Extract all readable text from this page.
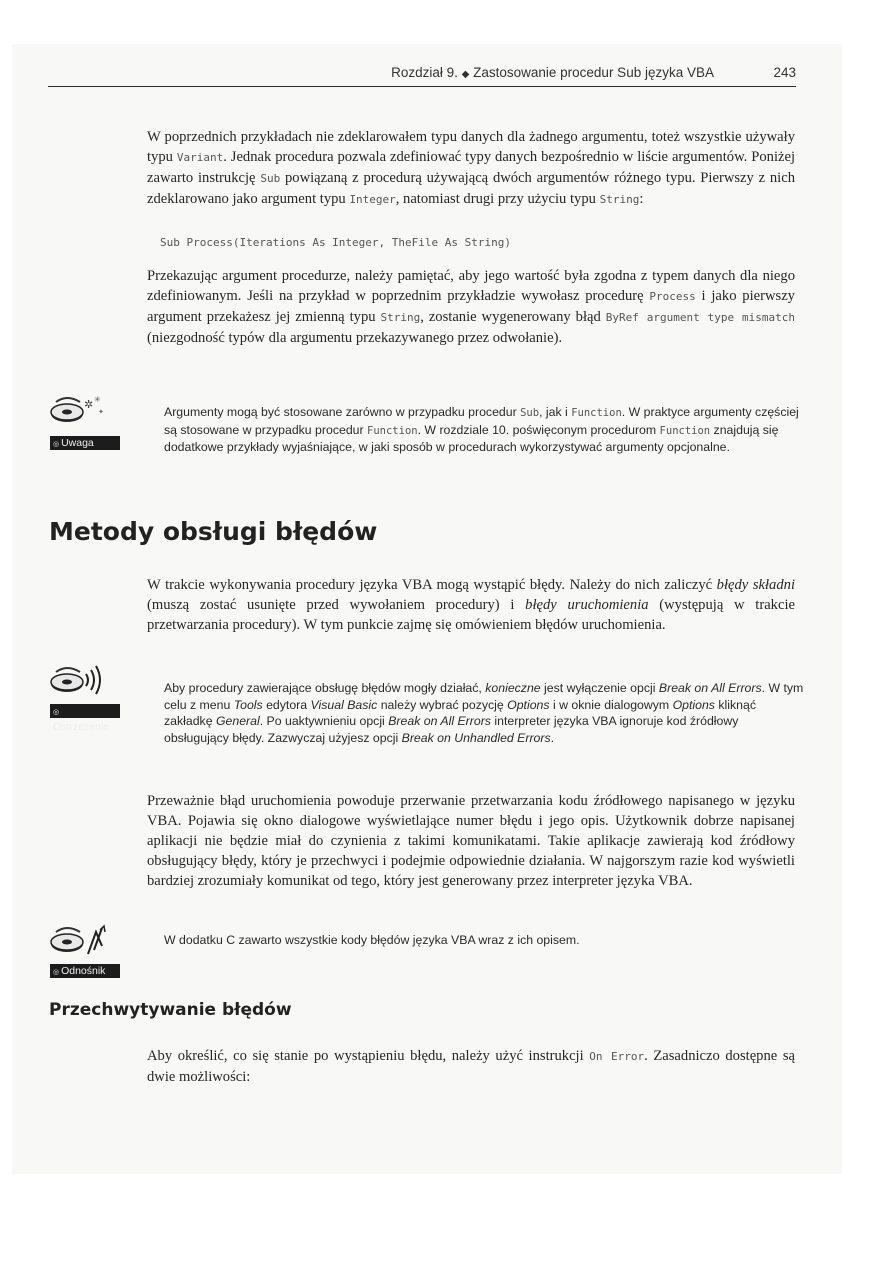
Rozdział 9. ◆ Zastosowanie procedur Sub języka VBA	243

W poprzednich przykładach nie zdeklarowałem typu danych dla żadnego argumentu, toteż wszystkie używały typu Variant. Jednak procedura pozwala zdefiniować typy danych bezpośrednio w liście argumentów. Poniżej zawarto instrukcję Sub powiązaną z procedurą używającą dwóch argumentów różnego typu. Pierwszy z nich zdeklarowano jako argument typu Integer, natomiast drugi przy użyciu typu String:

Sub Process(Iterations As Integer, TheFile As String)

Przekazując argument procedurze, należy pamiętać, aby jego wartość była zgodna z typem danych dla niego zdefiniowanym. Jeśli na przykład w poprzednim przykładzie wywołasz procedurę Process i jako pierwszy argument przekażesz jej zmienną typu String, zostanie wygenerowany błąd ByRef argument type mismatch (niezgodność typów dla argumentu przekazywanego przez odwołanie).

✲ ✳
✦
◎ Uwaga

Argumenty mogą być stosowane zarówno w przypadku procedur Sub, jak i Function. W praktyce argumenty częściej są stosowane w przypadku procedur Function. W rozdziale 10. poświęconym procedurom Function znajdują się dodatkowe przykłady wyjaśniające, w jaki sposób w procedurach wykorzystywać argumenty opcjonalne.

Metody obsługi błędów

W trakcie wykonywania procedury języka VBA mogą wystąpić błędy. Należy do nich zaliczyć błędy składni (muszą zostać usunięte przed wywołaniem procedury) i błędy uruchomienia (występują w trakcie przetwarzania procedury). W tym punkcie zajmę się omówieniem błędów uruchomienia.

◎ Ostrzeżenie

Aby procedury zawierające obsługę błędów mogły działać, konieczne jest wyłączenie opcji Break on All Errors. W tym celu z menu Tools edytora Visual Basic należy wybrać pozycję Options i w oknie dialogowym Options kliknąć zakładkę General. Po uaktywnieniu opcji Break on All Errors interpreter języka VBA ignoruje kod źródłowy obsługujący błędy. Zazwyczaj użyjesz opcji Break on Unhandled Errors.

Przeważnie błąd uruchomienia powoduje przerwanie przetwarzania kodu źródłowego napisanego w języku VBA. Pojawia się okno dialogowe wyświetlające numer błędu i jego opis. Użytkownik dobrze napisanej aplikacji nie będzie miał do czynienia z takimi komunikatami. Takie aplikacje zawierają kod źródłowy obsługujący błędy, który je przechwyci i podejmie odpowiednie działania. W najgorszym razie kod wyświetli bardziej zrozumiały komunikat od tego, który jest generowany przez interpreter języka VBA.

◎ Odnośnik

W dodatku C zawarto wszystkie kody błędów języka VBA wraz z ich opisem.

Przechwytywanie błędów

Aby określić, co się stanie po wystąpieniu błędu, należy użyć instrukcji On Error. Zasadniczo dostępne są dwie możliwości:
